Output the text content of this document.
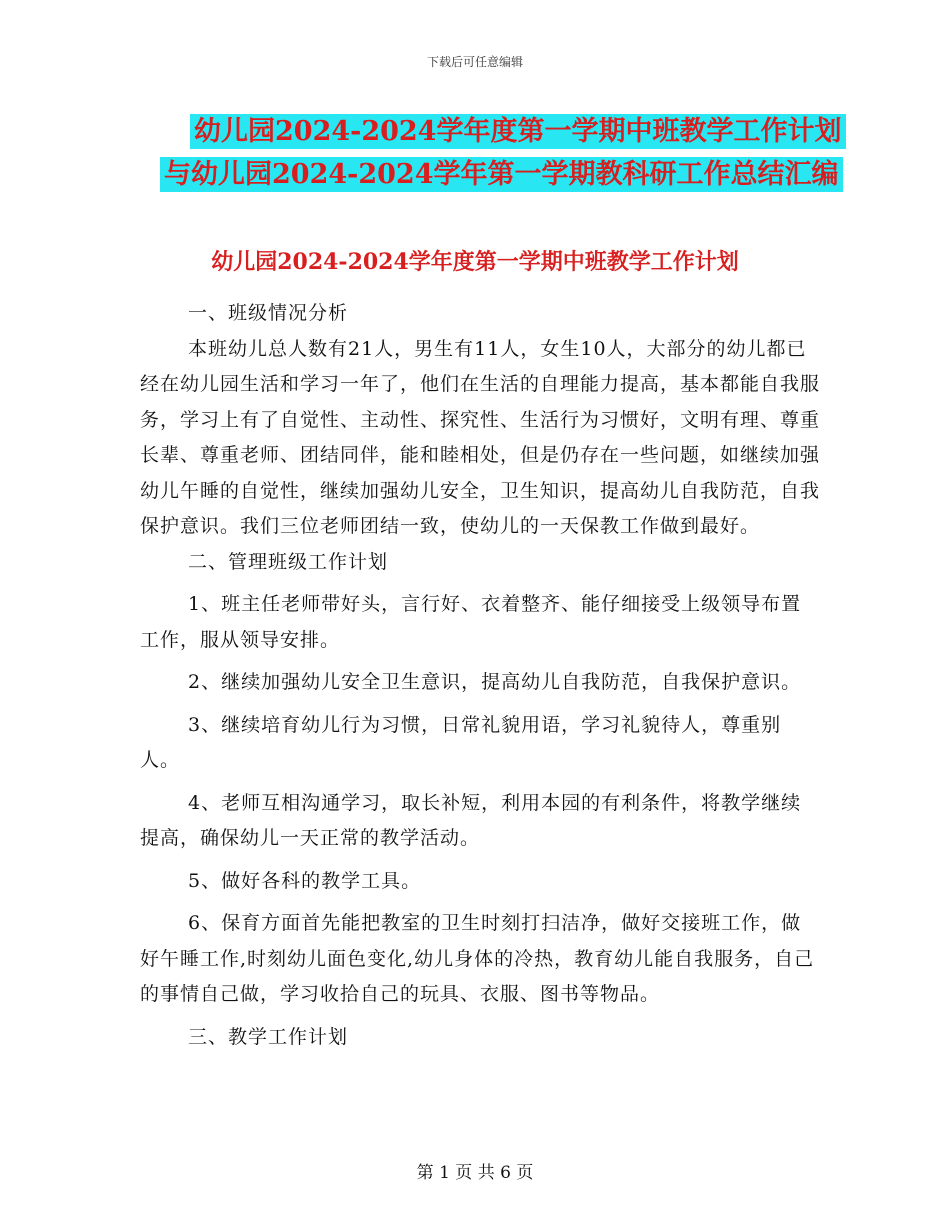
下载后可任意编辑
幼儿园2024-2024学年度第一学期中班教学工作计划
与幼儿园2024-2024学年第一学期教科研工作总结汇编
幼儿园2024-2024学年度第一学期中班教学工作计划

一、班级情况分析

本班幼儿总人数有21人，男生有11人，女生10人，大部分的幼儿都已经在幼儿园生活和学习一年了，他们在生活的自理能力提高，基本都能自我服务，学习上有了自觉性、主动性、探究性、生活行为习惯好，文明有理、尊重长辈、尊重老师、团结同伴，能和睦相处，但是仍存在一些问题，如继续加强幼儿午睡的自觉性，继续加强幼儿安全，卫生知识，提高幼儿自我防范，自我保护意识。我们三位老师团结一致，使幼儿的一天保教工作做到最好。

二、管理班级工作计划

1、班主任老师带好头，言行好、衣着整齐、能仔细接受上级领导布置工作，服从领导安排。

2、继续加强幼儿安全卫生意识，提高幼儿自我防范，自我保护意识。

3、继续培育幼儿行为习惯，日常礼貌用语，学习礼貌待人，尊重别人。

4、老师互相沟通学习，取长补短，利用本园的有利条件，将教学继续提高，确保幼儿一天正常的教学活动。

5、做好各科的教学工具。

6、保育方面首先能把教室的卫生时刻打扫洁净，做好交接班工作，做好午睡工作,时刻幼儿面色变化,幼儿身体的冷热，教育幼儿能自我服务，自己的事情自己做，学习收拾自己的玩具、衣服、图书等物品。

三、教学工作计划

第 1 页 共 6 页
